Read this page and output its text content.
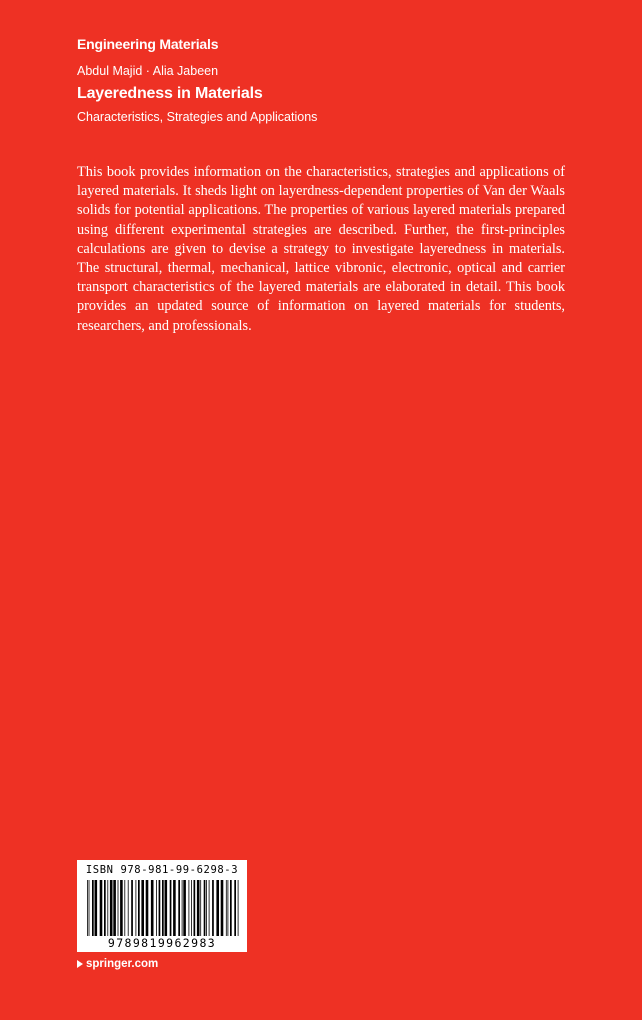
Engineering Materials
Abdul Majid · Alia Jabeen
Layeredness in Materials
Characteristics, Strategies and Applications

This book provides information on the characteristics, strategies and applications of layered materials. It sheds light on layerdness-dependent properties of Van der Waals solids for potential applications. The properties of various layered materials prepared using different experimental strategies are described. Further, the first-principles calculations are given to devise a strategy to investigate layeredness in materials. The structural, thermal, mechanical, lattice vibronic, electronic, optical and carrier transport characteristics of the layered materials are elaborated in detail. This book provides an updated source of information on layered materials for students, researchers, and professionals.

ISBN 978-981-99-6298-3
9789819962983
springer.com
